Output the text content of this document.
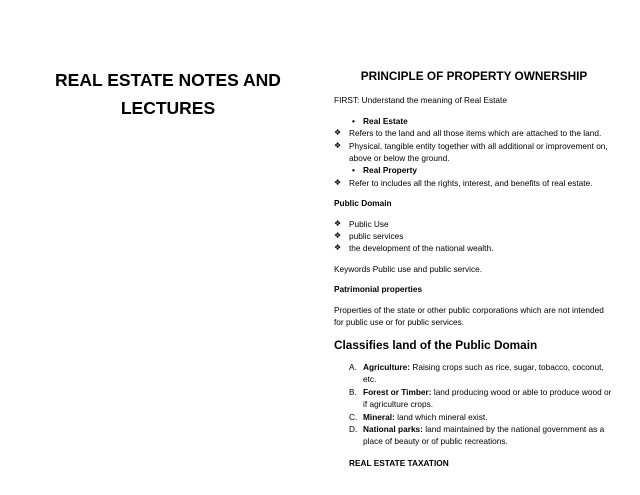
REAL ESTATE NOTES AND
LECTURES

PRINCIPLE OF PROPERTY OWNERSHIP

FIRST: Understand the meaning of Real Estate

• Real Estate

❖ Refers to the land and all those items which are attached to the land.

❖ Physical, tangible entity together with all additional or improvement on, above or below the ground.

• Real Property

❖ Refer to includes all the rights, interest, and benefits of real estate.

Public Domain

❖ Public Use

❖ public services

❖ the development of the national wealth.

Keywords Public use and public service.

Patrimonial properties

Properties of the state or other public corporations which are not intended for public use or for public services.

Classifies land of the Public Domain

A. Agriculture: Raising crops such as rice, sugar, tobacco, coconut, etc.

B. Forest or Timber: land producing wood or able to produce wood or if agriculture crops.

C. Mineral: land which mineral exist.

D. National parks: land maintained by the national government as a place of beauty or of public recreations.

REAL ESTATE TAXATION
